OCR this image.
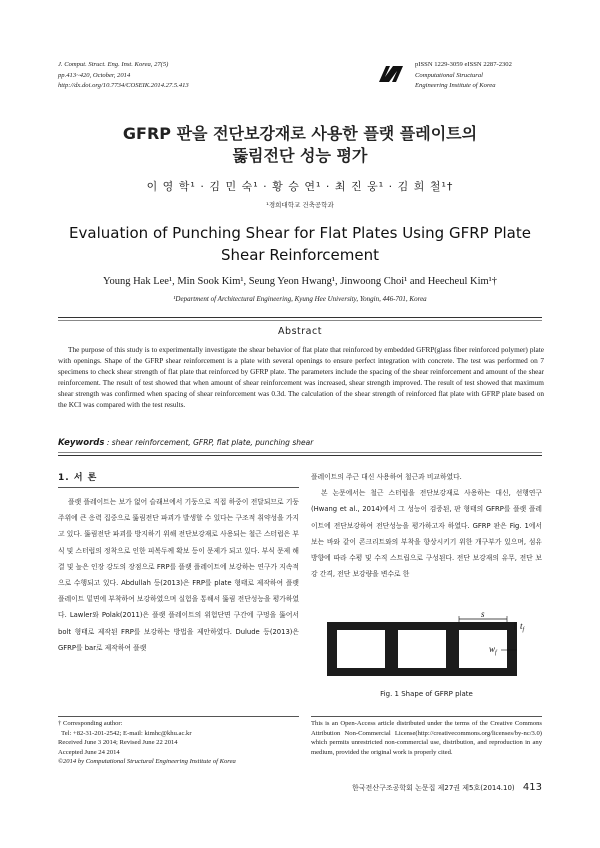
J. Comput. Struct. Eng. Inst. Korea, 27(5)
pp.413~420, October, 2014
http://dx.doi.org/10.7734/COSEIK.2014.27.5.413
pISSN 1229-3059 eISSN 2287-2302
Computational Structural
Engineering Institute of Korea
GFRP 판을 전단보강재로 사용한 플랫 플레이트의
뚫림전단 성능 평가
이 영 학¹ · 김 민 숙¹ · 황 승 연¹ · 최 진 웅¹ · 김 희 철¹†
¹경희대학교 건축공학과
Evaluation of Punching Shear for Flat Plates Using GFRP Plate
Shear Reinforcement
Young Hak Lee¹, Min Sook Kim¹, Seung Yeon Hwang¹, Jinwoong Choi¹ and Heecheul Kim¹†
¹Department of Architectural Engineering, Kyung Hee University, Yongin, 446-701, Korea
Abstract
The purpose of this study is to experimentally investigate the shear behavior of flat plate that reinforced by embedded GFRP(glass fiber reinforced polymer) plate with openings. Shape of the GFRP shear reinforcement is a plate with several openings to ensure perfect integration with concrete. The test was performed on 7 specimens to check shear strength of flat plate that reinforced by GFRP plate. The parameters include the spacing of the shear reinforcement and amount of the shear reinforcement. The result of test showed that when amount of shear reinforcement was increased, shear strength improved. The result of test showed that maximum shear strength was confirmed when spacing of shear reinforcement was 0.3d. The calculation of the shear strength of reinforced flat plate with GFRP plate based on the KCI was compared with the test results.
Keywords : shear reinforcement, GFRP, flat plate, punching shear
1. 서 론

플랫 플레이트는 보가 없어 슬래브에서 기둥으로 직접 하중이 전달되므로 기둥 주위에 큰 응력 집중으로 뚫림전단 파괴가 발생할 수 있다는 구조적 취약성을 가지고 있다. 뚫림전단 파괴를 방지하기 위해 전단보강재로 사용되는 철근 스터럽은 부식 및 스터럽의 정착으로 인한 피복두께 확보 등이 문제가 되고 있다. 부식 문제 해결 및 높은 인장 강도의 장점으로 FRP를 플랫 플레이트에 보강하는 연구가 지속적으로 수행되고 있다. Abdullah 등(2013)은 FRP를 plate 형태로 제작하여 플랫 플레이트 밑면에 부착하여 보강하였으며 실험을 통해서 뚫림 전단성능을 평가하였다. Lawler와 Polak(2011)은 플랫 플레이트의 위험단면 구간에 구멍을 뚫어서 bolt 형태로 제작된 FRP를 보강하는 방법을 제안하였다. Dulude 등(2013)은 GFRP를 bar로 제작하여 플랫

플레이트의 주근 대신 사용하여 철근과 비교하였다.

본 논문에서는 철근 스터럽을 전단보강재로 사용하는 대신, 선행연구(Hwang et al., 2014)에서 그 성능이 검증된, 판 형태의 GFRP를 플랫 플레이트에 전단보강하여 전단성능을 평가하고자 하였다. GFRP 판은 Fig. 1에서 보는 바와 같이 콘크리트와의 부착을 향상시키기 위한 개구부가 있으며, 섬유 방향에 따라 수평 및 수직 스트립으로 구성된다. 전단 보강재의 유무, 전단 보강 간격, 전단 보강량을 변수로 한

s
$t_f$
$w_f$
Fig. 1 Shape of GFRP plate
† Corresponding author:
Tel: +82-31-201-2542; E-mail: kimhc@khu.ac.kr
Received June 3 2014; Revised June 22 2014
Accepted June 24 2014
©2014 by Computational Structural Engineering Institute of Korea
This is an Open-Access article distributed under the terms of the Creative Commons Attribution Non-Commercial License(http://creativecommons.org/licenses/by-nc/3.0) which permits unrestricted non-commercial use, distribution, and reproduction in any medium, provided the original work is properly cited.
한국전산구조공학회 논문집 제27권 제5호(2014.10) 413
